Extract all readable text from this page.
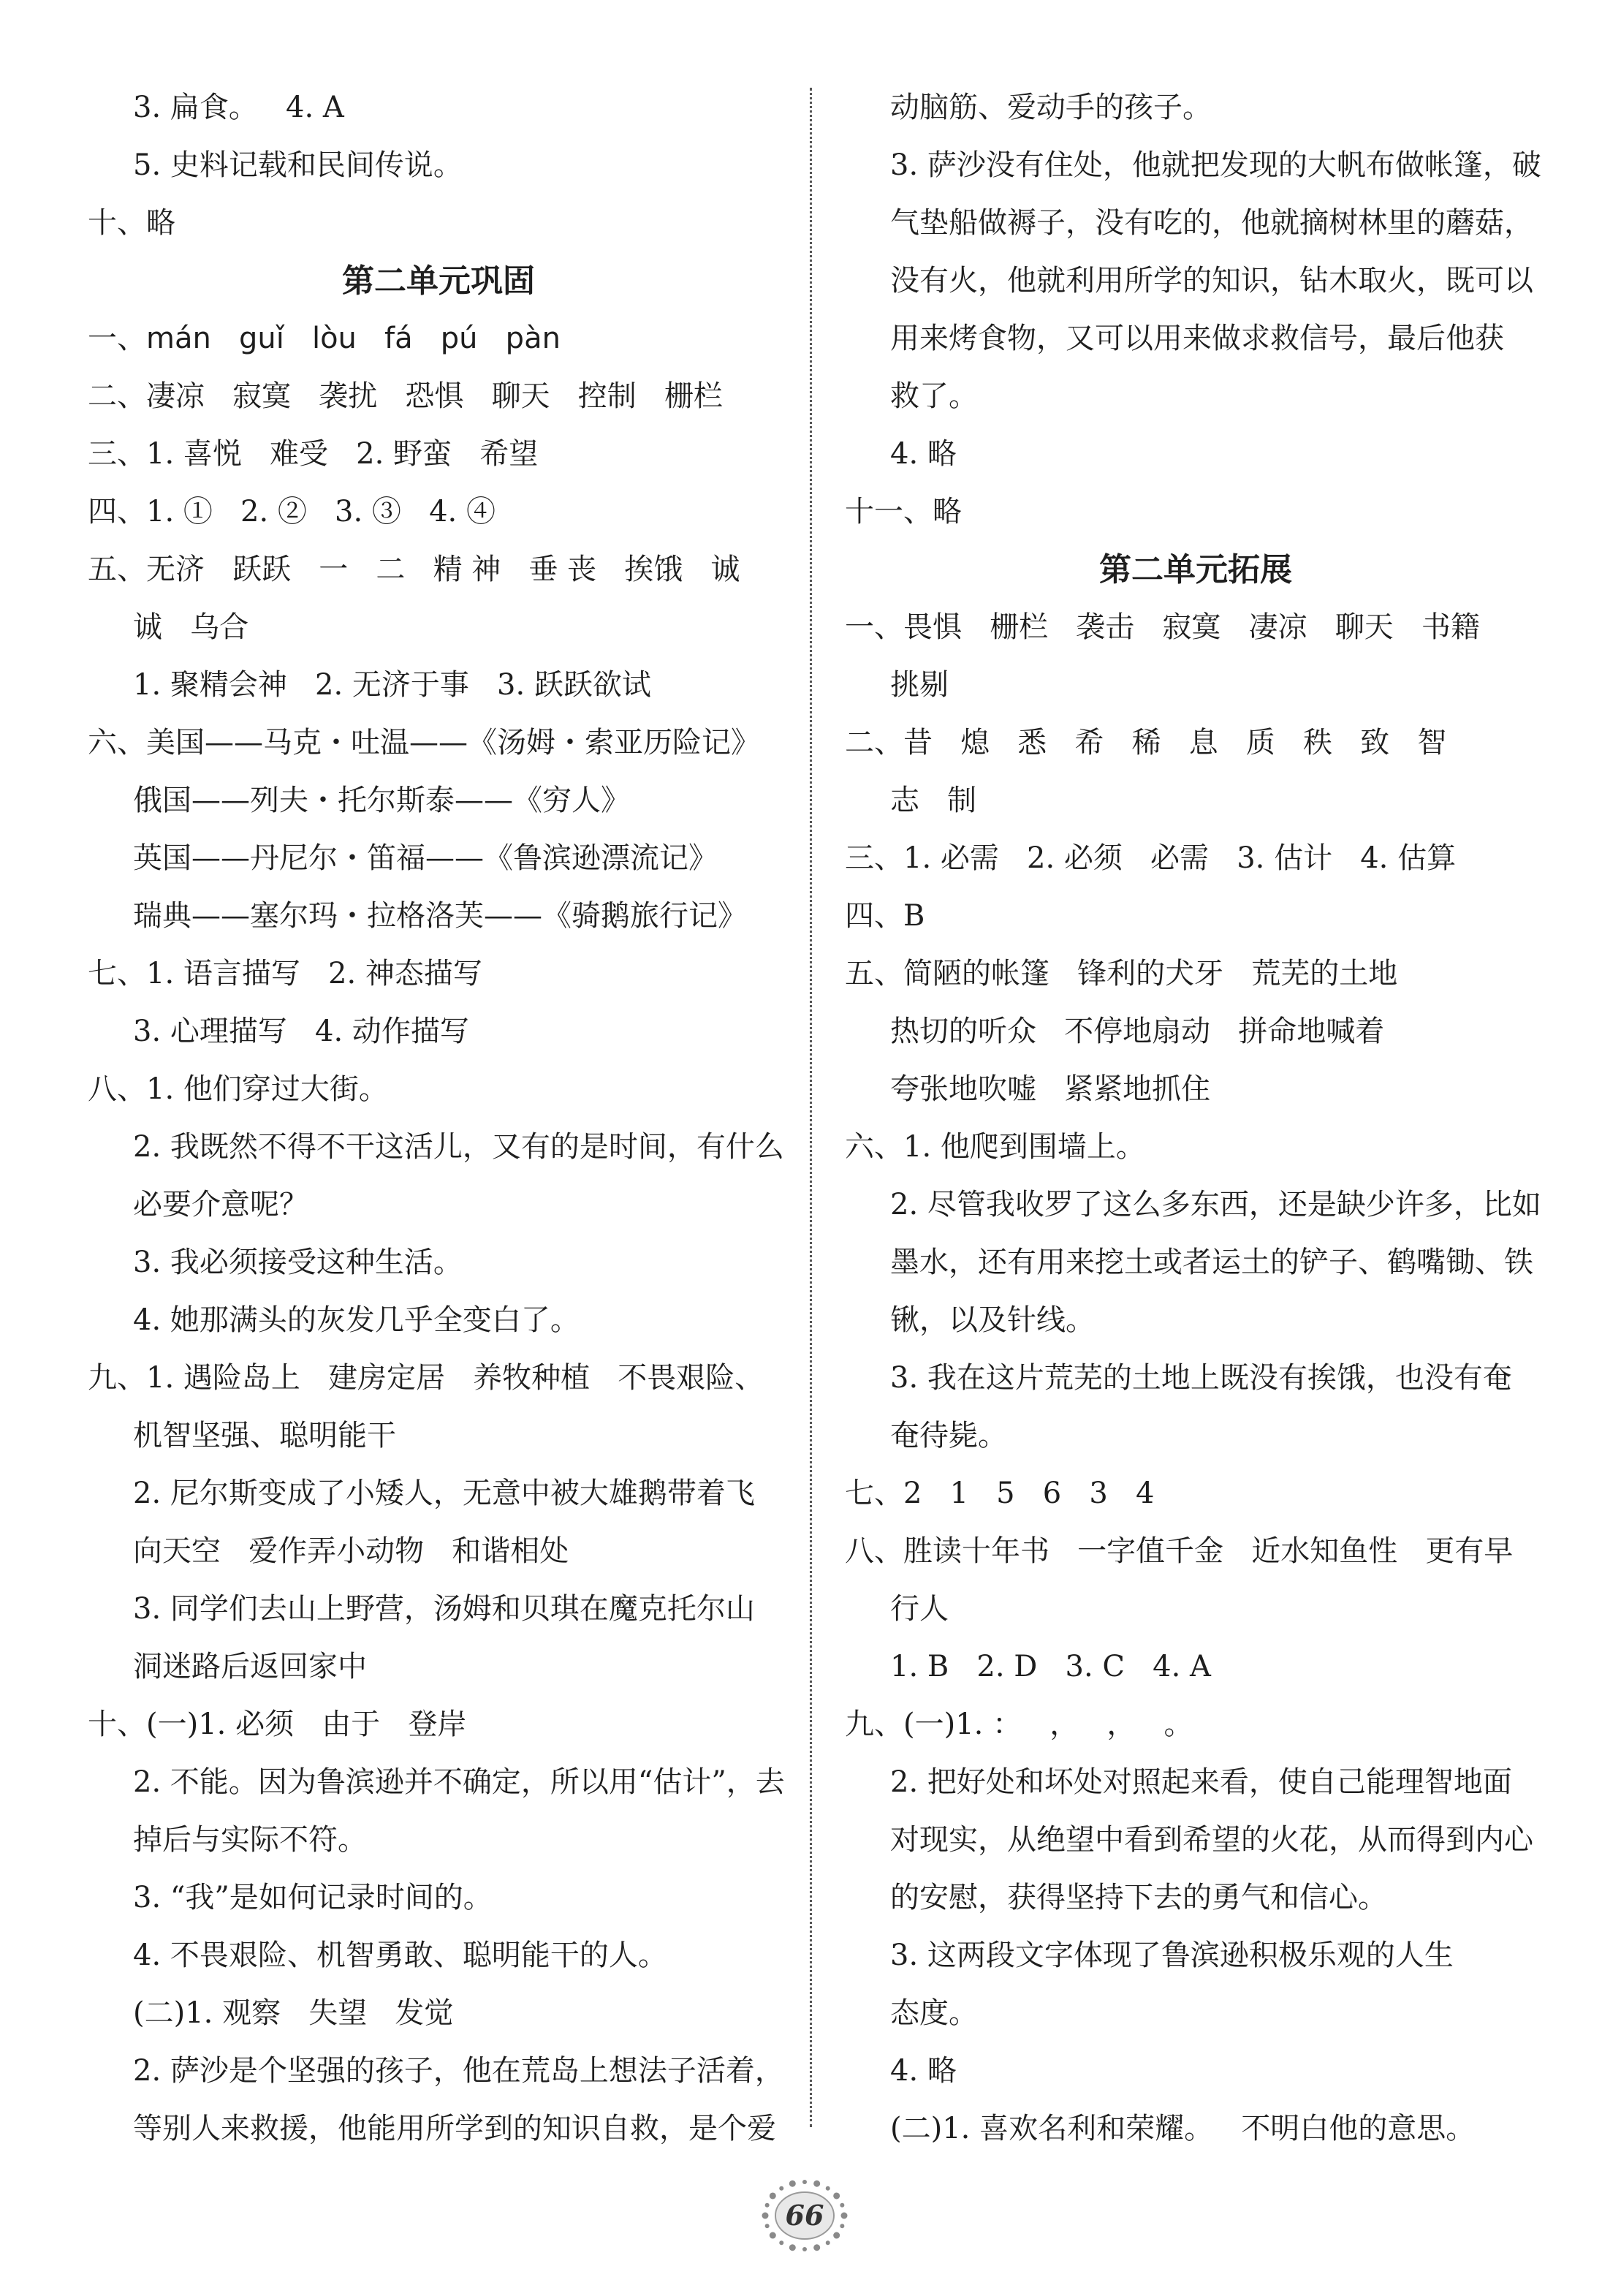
3. 扁食。   4. A
5. 史料记载和民间传说。
十、略
第二单元巩固
一、mán   guǐ   lòu   fá   pú   pàn
二、凄凉   寂寞   袭扰   恐惧   聊天   控制   栅栏
三、1. 喜悦   难受   2. 野蛮   希望
四、1. ①   2. ②   3. ③   4. ④
五、无济   跃跃   一   二   精 神   垂 丧   挨饿   诚
诚   乌合
1. 聚精会神   2. 无济于事   3. 跃跃欲试
六、美国——马克・吐温——《汤姆・索亚历险记》
俄国——列夫・托尔斯泰——《穷人》
英国——丹尼尔・笛福——《鲁滨逊漂流记》
瑞典——塞尔玛・拉格洛芙——《骑鹅旅行记》
七、1. 语言描写   2. 神态描写
3. 心理描写   4. 动作描写
八、1. 他们穿过大街。
2. 我既然不得不干这活儿，又有的是时间，有什么
必要介意呢？
3. 我必须接受这种生活。
4. 她那满头的灰发几乎全变白了。
九、1. 遇险岛上   建房定居   养牧种植   不畏艰险、
机智坚强、聪明能干
2. 尼尔斯变成了小矮人，无意中被大雄鹅带着飞
向天空   爱作弄小动物   和谐相处
3. 同学们去山上野营，汤姆和贝琪在魔克托尔山
洞迷路后返回家中
十、(一)1. 必须   由于   登岸
2. 不能。因为鲁滨逊并不确定，所以用“估计”，去
掉后与实际不符。
3. “我”是如何记录时间的。
4. 不畏艰险、机智勇敢、聪明能干的人。
(二)1. 观察   失望   发觉
2. 萨沙是个坚强的孩子，他在荒岛上想法子活着，
等别人来救援，他能用所学到的知识自救，是个爱
动脑筋、爱动手的孩子。
3. 萨沙没有住处，他就把发现的大帆布做帐篷，破
气垫船做褥子，没有吃的，他就摘树林里的蘑菇，
没有火，他就利用所学的知识，钻木取火，既可以
用来烤食物，又可以用来做求救信号，最后他获
救了。
4. 略
十一、略
第二单元拓展
一、畏惧   栅栏   袭击   寂寞   凄凉   聊天   书籍
挑剔
二、昔   熄   悉   希   稀   息   质   秩   致   智
志   制
三、1. 必需   2. 必须   必需   3. 估计   4. 估算
四、B
五、简陋的帐篷   锋利的犬牙   荒芜的土地
热切的听众   不停地扇动   拼命地喊着
夸张地吹嘘   紧紧地抓住
六、1. 他爬到围墙上。
2. 尽管我收罗了这么多东西，还是缺少许多，比如
墨水，还有用来挖土或者运土的铲子、鹤嘴锄、铁
锹，以及针线。
3. 我在这片荒芜的土地上既没有挨饿，也没有奄
奄待毙。
七、2   1   5   6   3   4
八、胜读十年书   一字值千金   近水知鱼性   更有早
行人
1. B   2. D   3. C   4. A
九、(一)1. ：   ，   ，   。
2. 把好处和坏处对照起来看，使自己能理智地面
对现实，从绝望中看到希望的火花，从而得到内心
的安慰，获得坚持下去的勇气和信心。
3. 这两段文字体现了鲁滨逊积极乐观的人生
态度。
4. 略
(二)1. 喜欢名利和荣耀。   不明白他的意思。
66
